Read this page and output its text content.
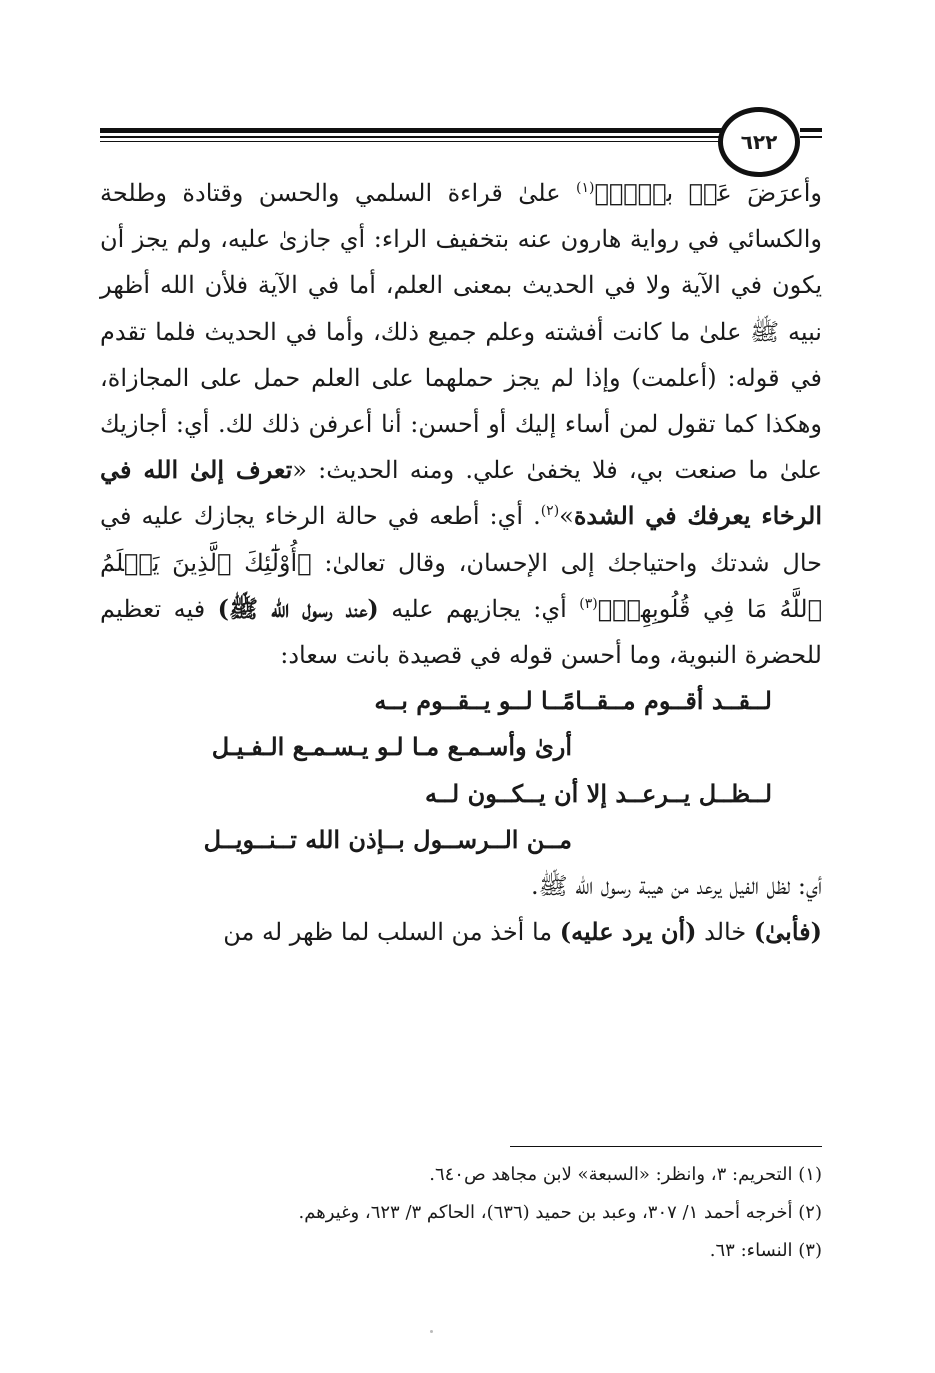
٦٢٢

وأعرَضَ عَنۢ بعۡضٖ﴾$^{(١)}$ علىٰ قراءة السلمي والحسن وقتادة وطلحة والكسائي في رواية هارون عنه بتخفيف الراء: أي جازىٰ عليه، ولم يجز أن يكون في الآية ولا في الحديث بمعنى العلم، أما في الآية فلأن الله أظهر نبيه ﷺ علىٰ ما كانت أفشته وعلم جميع ذلك، وأما في الحديث فلما تقدم في قوله: (أعلمت) وإذا لم يجز حملهما على العلم حمل على المجازاة، وهكذا كما تقول لمن أساء إليك أو أحسن: أنا أعرفن ذلك لك. أي: أجازيك علىٰ ما صنعت بي، فلا يخفىٰ علي. ومنه الحديث: «تعرف إلىٰ الله في الرخاء يعرفك في الشدة»$^{(٢)}$. أي: أطعه في حالة الرخاء يجازك عليه في حال شدتك واحتياجك إلى الإحسان، وقال تعالىٰ: ﴿أُوْلَٰٓئِكَ ٱلَّذِينَ يَعۡلَمُ ٱللَّهُ مَا فِي قُلُوبِهِمۡ﴾$^{(٣)}$ أي: يجازيهم عليه (عند رسول الله ﷺ) فيه تعظيم للحضرة النبوية، وما أحسن قوله في قصيدة بانت سعاد:

لــقــد أقــوم مــقــامًــا لــو يــقــوم بــه

أرىٰ وأسـمـع مـا لـو يـسـمـع الـفـيـل

لــظــل يــرعــد إلا أن يــكــون لــه

مــن الــرســول بــإذن الله تــنــويــل

أي: لظل الفيل يرعد من هيبة رسول الله ﷺ.

(فأبىٰ) خالد (أن يرد عليه) ما أخذ من السلب لما ظهر له من

(١) التحريم: ٣، وانظر: «السبعة» لابن مجاهد ص٦٤٠.

(٢) أخرجه أحمد ١/ ٣٠٧، وعبد بن حميد (٦٣٦)، الحاكم ٣/ ٦٢٣، وغيرهم.

(٣) النساء: ٦٣.
